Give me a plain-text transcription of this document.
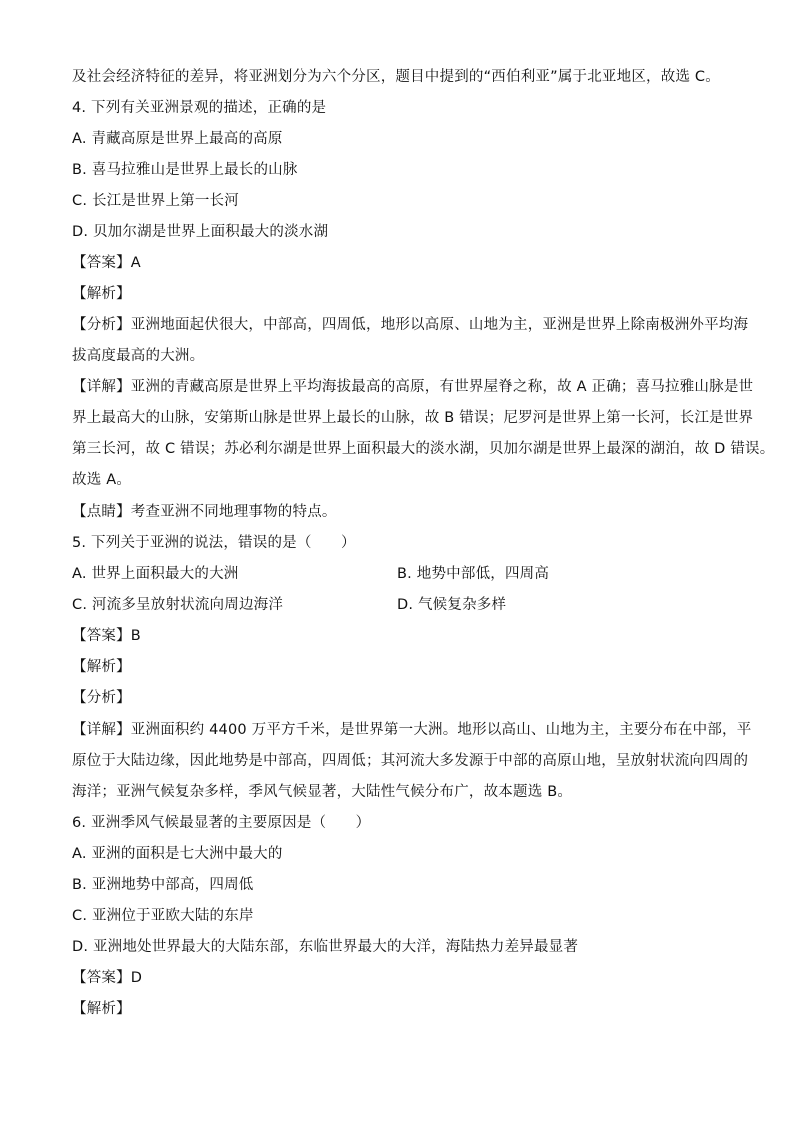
及社会经济特征的差异，将亚洲划分为六个分区，题目中提到的“西伯利亚”属于北亚地区，故选 C。
4. 下列有关亚洲景观的描述，正确的是
A. 青藏高原是世界上最高的高原
B. 喜马拉雅山是世界上最长的山脉
C. 长江是世界上第一长河
D. 贝加尔湖是世界上面积最大的淡水湖
【答案】A
【解析】
【分析】亚洲地面起伏很大，中部高，四周低，地形以高原、山地为主，亚洲是世界上除南极洲外平均海
拔高度最高的大洲。
【详解】亚洲的青藏高原是世界上平均海拔最高的高原，有世界屋脊之称，故 A 正确；喜马拉雅山脉是世
界上最高大的山脉，安第斯山脉是世界上最长的山脉，故 B 错误；尼罗河是世界上第一长河，长江是世界
第三长河，故 C 错误；苏必利尔湖是世界上面积最大的淡水湖，贝加尔湖是世界上最深的湖泊，故 D 错误。
故选 A。
【点睛】考查亚洲不同地理事物的特点。
5. 下列关于亚洲的说法，错误的是（　　）
A. 世界上面积最大的大洲	B. 地势中部低，四周高
C. 河流多呈放射状流向周边海洋	D. 气候复杂多样
【答案】B
【解析】
【分析】
【详解】亚洲面积约 4400 万平方千米，是世界第一大洲。地形以高山、山地为主，主要分布在中部，平
原位于大陆边缘，因此地势是中部高，四周低；其河流大多发源于中部的高原山地，呈放射状流向四周的
海洋；亚洲气候复杂多样，季风气候显著，大陆性气候分布广，故本题选 B。
6. 亚洲季风气候最显著的主要原因是（　　）
A. 亚洲的面积是七大洲中最大的
B. 亚洲地势中部高，四周低
C. 亚洲位于亚欧大陆的东岸
D. 亚洲地处世界最大的大陆东部，东临世界最大的大洋，海陆热力差异最显著
【答案】D
【解析】
